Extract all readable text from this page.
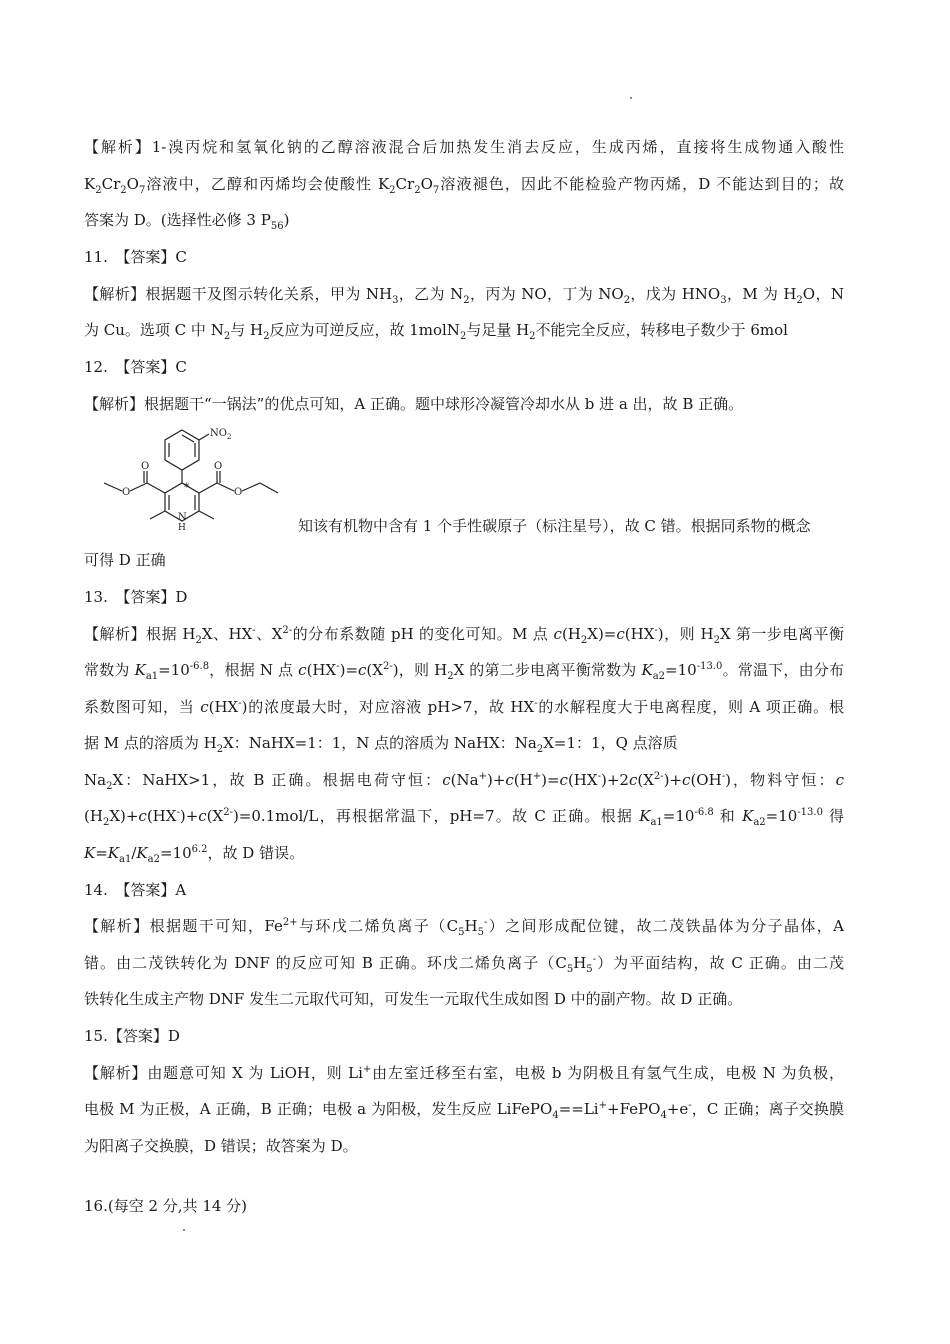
【解析】1-溴丙烷和氢氧化钠的乙醇溶液混合后加热发生消去反应，生成丙烯，直接将生成物通入酸性
$K_2Cr_2O_7$溶液中，乙醇和丙烯均会使酸性 $K_2Cr_2O_7$溶液褪色，因此不能检验产物丙烯，D 不能达到目的；故
答案为 D。(选择性必修 3 $P_{56}$)
11.　【答案】C
【解析】根据题干及图示转化关系，甲为 $NH_3$，乙为 $N_2$，丙为 NO，丁为 $NO_2$，戊为 $HNO_3$，M 为 $H_2O$，N
为 Cu。选项 C 中 $N_2$与 $H_2$反应为可逆反应，故 1molN$_2$与足量 $H_2$不能完全反应，转移电子数少于 6mol
12.　【答案】C
【解析】根据题干“一锅法”的优点可知，A 正确。题中球形冷凝管冷却水从 b 进 a 出，故 B 正确。
$NO_2$
O
O
O
O
N
H
*
知该有机物中含有 1 个手性碳原子（标注星号），故 C 错。根据同系物的概念
可得 D 正确
13.　【答案】D
【解析】根据 $H_2X$、HX-、$X^{2-}$的分布系数随 pH 的变化可知。M 点 $c(H_2X)=c(HX^-)$，则 $H_2X$ 第一步电离平衡
常数为 $K_{a1}=10^{-6.8}$，根据 N 点 $c(HX^-)=c(X^{2-})$，则 $H_2X$ 的第二步电离平衡常数为 $K_{a2}=10^{-13.0}$。常温下，由分布
系数图可知，当 c(HX-)的浓度最大时，对应溶液 pH>7，故 HX-的水解程度大于电离程度，则 A 项正确。根
据 M 点的溶质为 $H_2X$：NaHX=1：1，N 点的溶质为 NaHX：$Na_2X=1$：1，Q 点溶质
$Na_2X$：NaHX>1，故 B 正确。根据电荷守恒：$c(Na^+)+c(H^+)=c(HX^-)+2c(X^{2-})+c(OH^-)$，物料守恒：c
$(H_2X)+c(HX^-)+c(X^{2-})=0.1mol/L$，再根据常温下，pH=7。故 C 正确。根据 $K_{a1}=10^{-6.8}$ 和 $K_{a2}=10^{-13.0}$ 得
$K=K_{a1}/K_{a2}=10^{6.2}$，故 D 错误。
14.　【答案】A
【解析】根据题干可知，$Fe^{2+}$与环戊二烯负离子$(C_5H_5^-)$之间形成配位键，故二茂铁晶体为分子晶体，A
错。由二茂铁转化为 DNF 的反应可知 B 正确。环戊二烯负离子$(C_5H_5^-)$为平面结构，故 C 正确。由二茂
铁转化生成主产物 DNF 发生二元取代可知，可发生一元取代生成如图 D 中的副产物。故 D 正确。
15.【答案】D
【解析】由题意可知 X 为 LiOH，则 Li+由左室迁移至右室，电极 b 为阴极且有氢气生成，电极 N 为负极，
电极 M 为正极，A 正确，B 正确；电极 a 为阳极，发生反应 LiFePO$_4$==Li++FePO$_4$+e-，C 正确；离子交换膜
为阳离子交换膜，D 错误；故答案为 D。
16.(每空 2 分,共 14 分)
